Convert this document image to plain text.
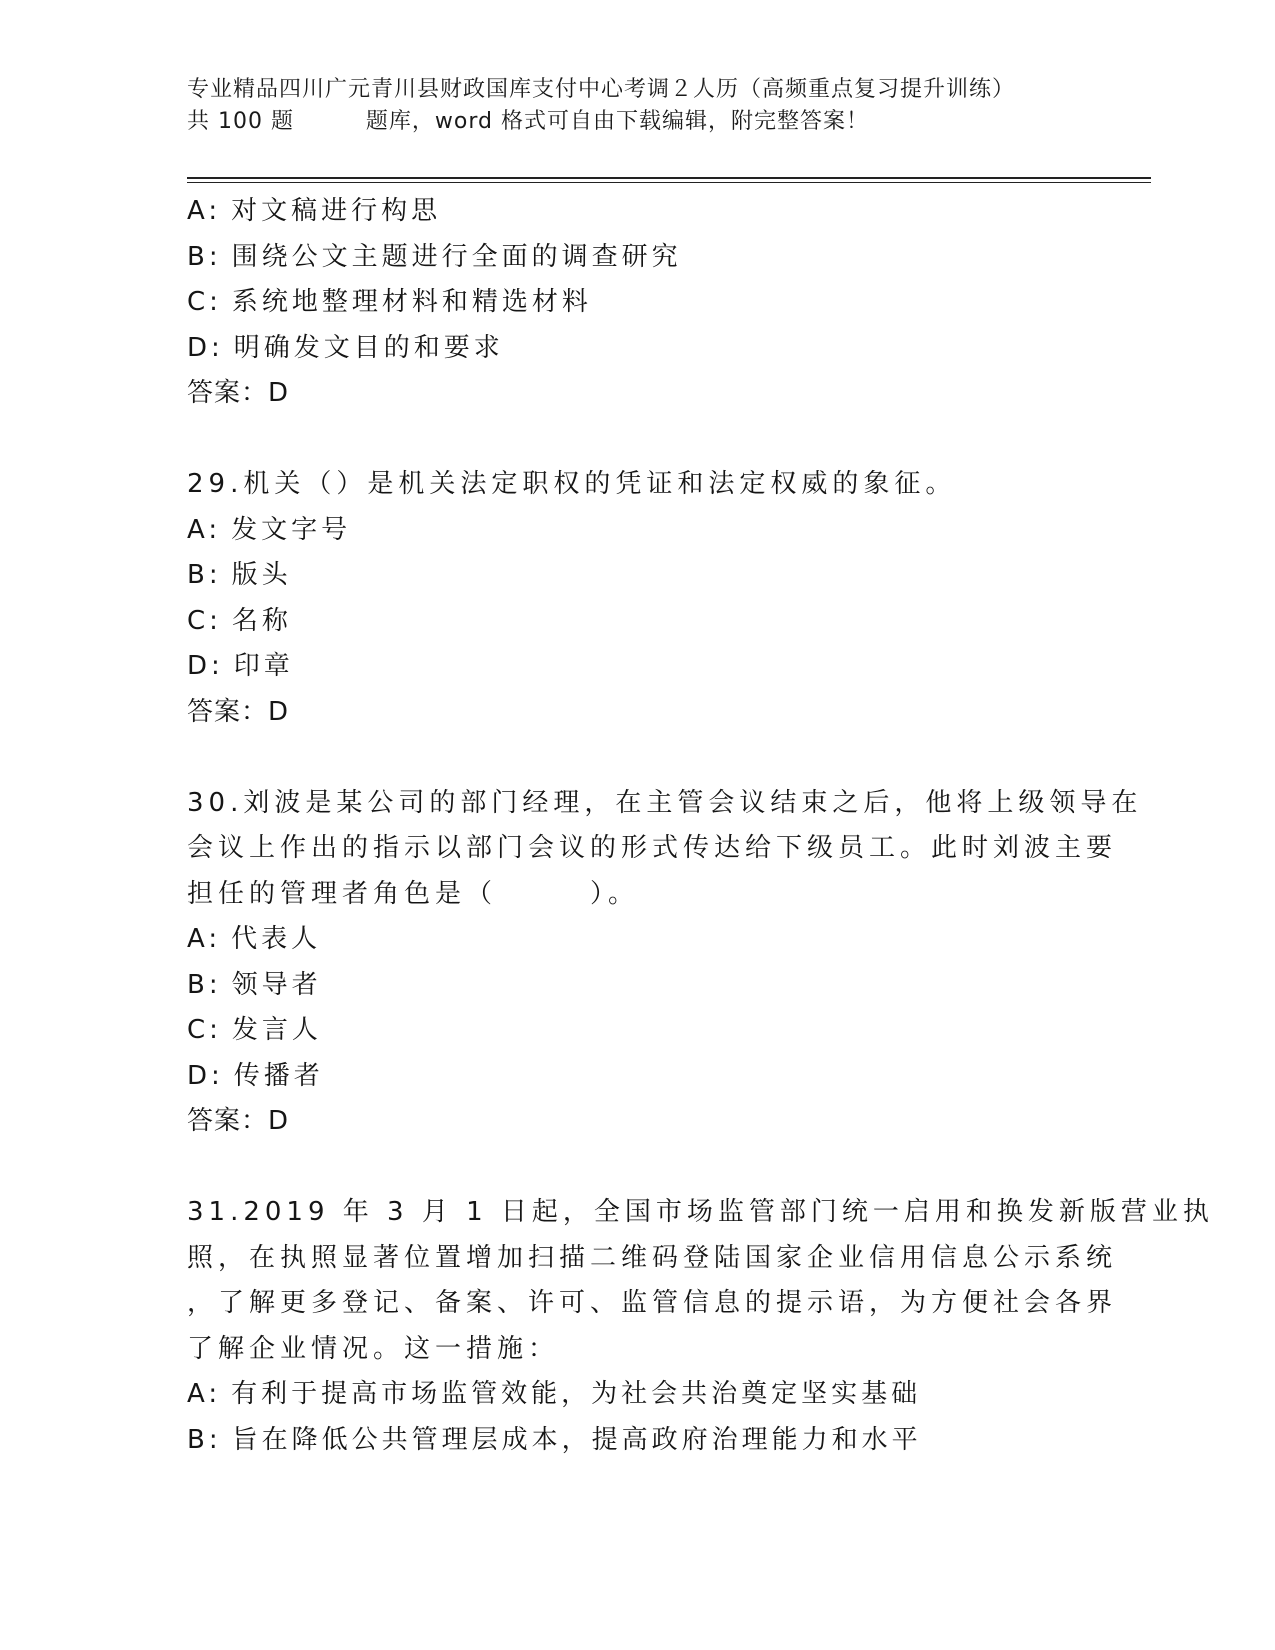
专业精品四川广元青川县财政国库支付中心考调２人历（高频重点复习提升训练）
共 100 题         题库，word 格式可自由下载编辑，附完整答案！
A: 对文稿进行构思
B: 围绕公文主题进行全面的调查研究
C: 系统地整理材料和精选材料
D: 明确发文目的和要求
答案：D
29.机关（）是机关法定职权的凭证和法定权威的象征。
A: 发文字号
B: 版头
C: 名称
D: 印章
答案：D
30.刘波是某公司的部门经理，在主管会议结束之后，他将上级领导在
会议上作出的指示以部门会议的形式传达给下级员工。此时刘波主要
担任的管理者角色是（　　　）。
A: 代表人
B: 领导者
C: 发言人
D: 传播者
答案：D
31.2019 年 3 月 1 日起，全国市场监管部门统一启用和换发新版营业执
照，在执照显著位置增加扫描二维码登陆国家企业信用信息公示系统
，了解更多登记、备案、许可、监管信息的提示语，为方便社会各界
了解企业情况。这一措施：
A: 有利于提高市场监管效能，为社会共治奠定坚实基础
B: 旨在降低公共管理层成本，提高政府治理能力和水平
